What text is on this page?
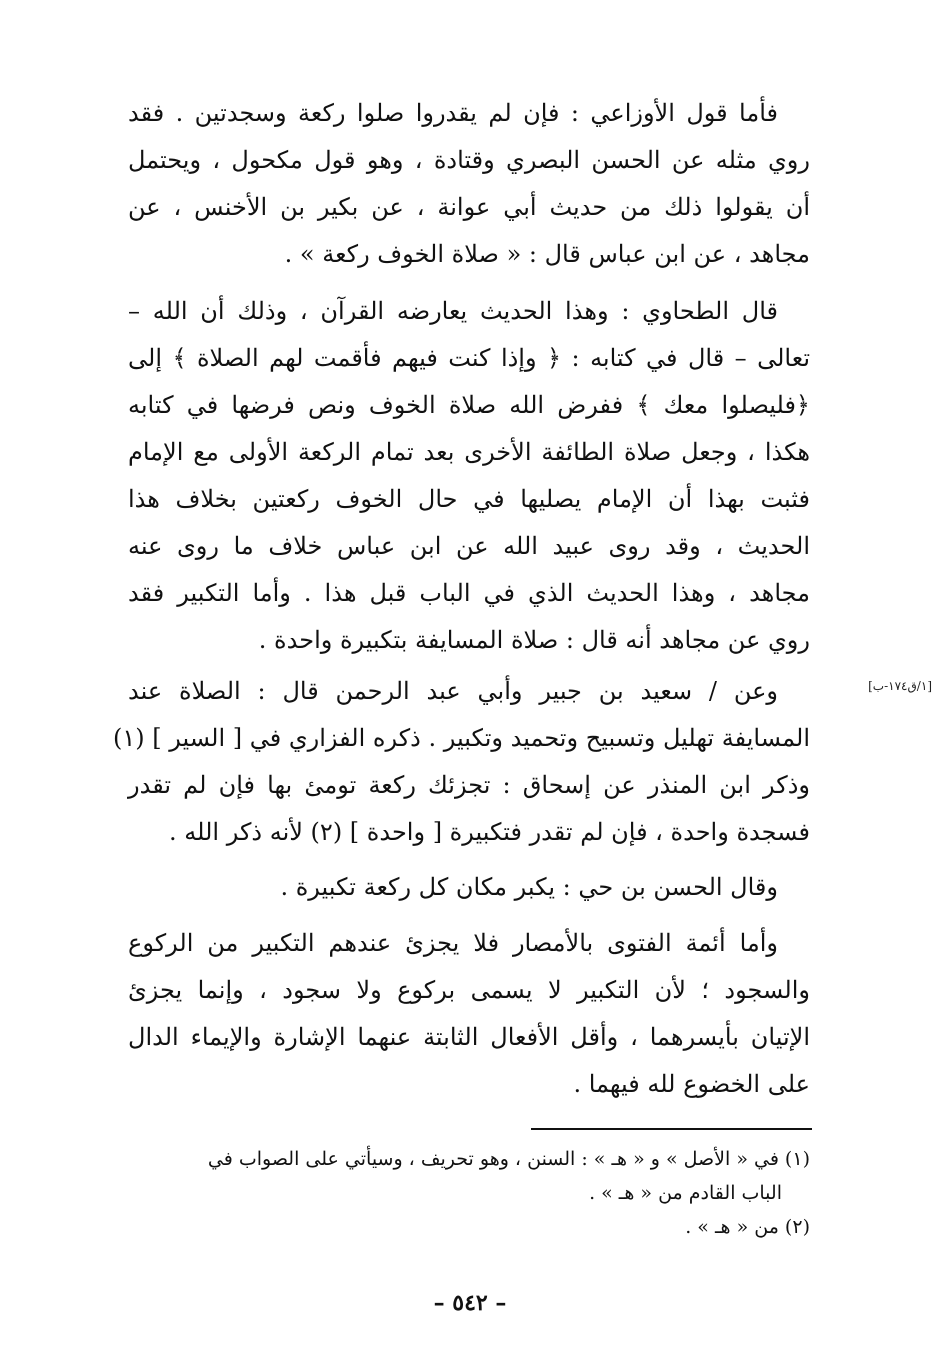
فأما قول الأوزاعي : فإن لم يقدروا صلوا ركعة وسجدتين . فقد
روي مثله عن الحسن البصري وقتادة ، وهو قول مكحول ، ويحتمل
أن يقولوا ذلك من حديث أبي عوانة ، عن بكير بن الأخنس ، عن
مجاهد ، عن ابن عباس قال : « صلاة الخوف ركعة » .
قال الطحاوي : وهذا الحديث يعارضه القرآن ، وذلك أن الله –
تعالى – قال في كتابه : ﴿ وإذا كنت فيهم فأقمت لهم الصلاة ﴾ إلى
﴿فليصلوا معك ﴾ ففرض الله صلاة الخوف ونص فرضها في كتابه
هكذا ، وجعل صلاة الطائفة الأخرى بعد تمام الركعة الأولى مع الإمام
فثبت بهذا أن الإمام يصليها في حال الخوف ركعتين بخلاف هذا
الحديث ، وقد روى عبيد الله عن ابن عباس خلاف ما روى عنه
مجاهد ، وهذا الحديث الذي في الباب قبل هذا . وأما التكبير فقد
روي عن مجاهد أنه قال : صلاة المسايفة بتكبيرة واحدة .
[١/ق١٧٤-ب]
وعن / سعيد بن جبير وأبي عبد الرحمن قال : الصلاة عند
المسايفة تهليل وتسبيح وتحميد وتكبير . ذكره الفزاري في [ السير ] (١)
وذكر ابن المنذر عن إسحاق : تجزئك ركعة تومئ بها فإن لم تقدر
فسجدة واحدة ، فإن لم تقدر فتكبيرة [ واحدة ] (٢) لأنه ذكر الله .
وقال الحسن بن حي : يكبر مكان كل ركعة تكبيرة .
وأما أئمة الفتوى بالأمصار فلا يجزئ عندهم التكبير من الركوع
والسجود ؛ لأن التكبير لا يسمى بركوع ولا سجود ، وإنما يجزئ
الإتيان بأيسرهما ، وأقل الأفعال الثابتة عنهما الإشارة والإيماء الدال
على الخضوع لله فيهما .
(١) في « الأصل » و « هـ » : السنن ، وهو تحريف ، وسيأتي على الصواب في
الباب القادم من « هـ » .
(٢) من « هـ » .
– ٥٤٢ –
